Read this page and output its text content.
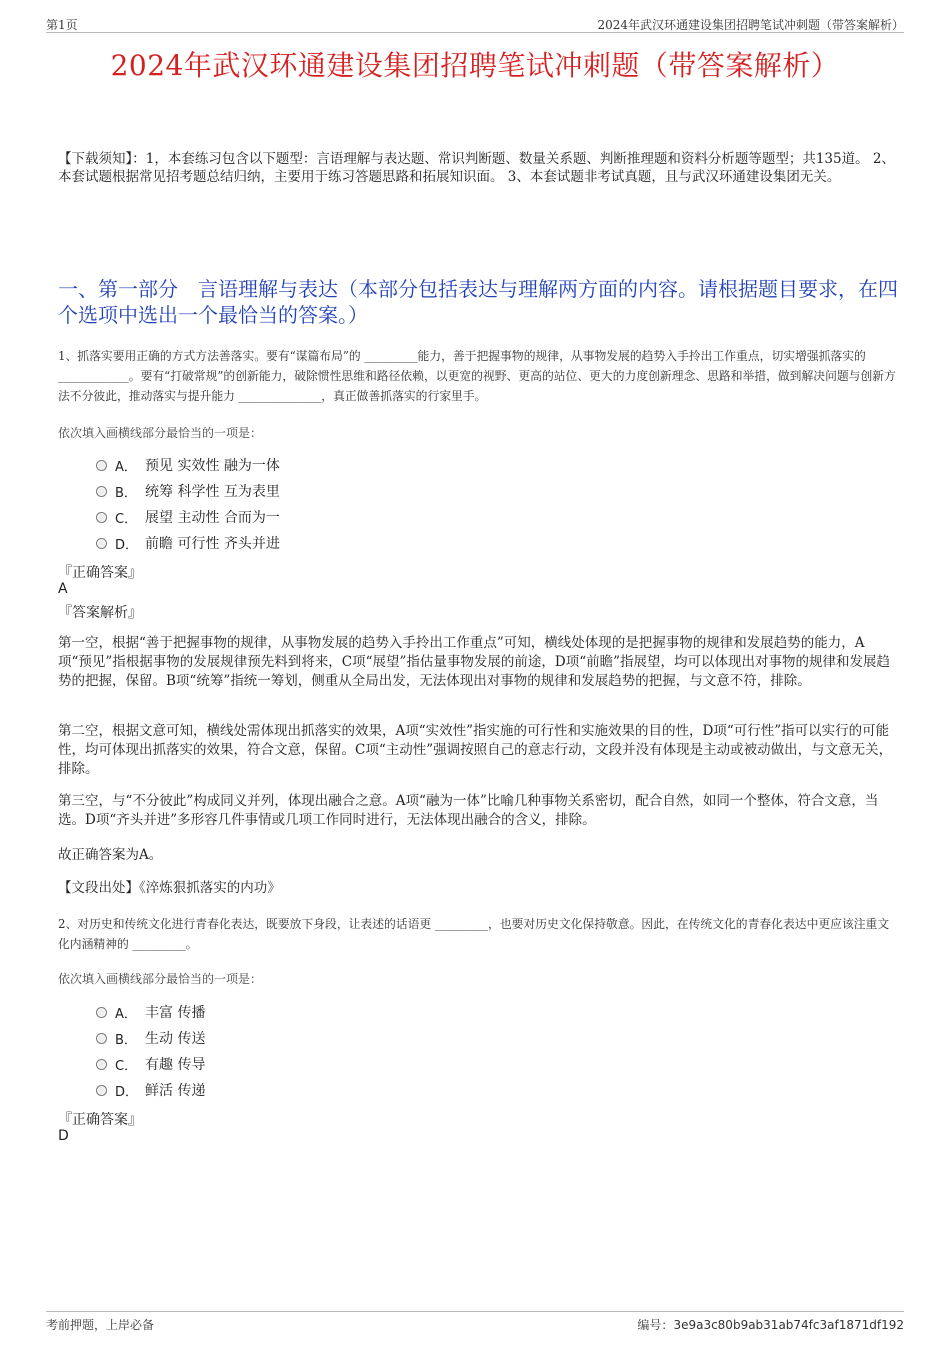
第1页	2024年武汉环通建设集团招聘笔试冲刺题（带答案解析）
2024年武汉环通建设集团招聘笔试冲刺题（带答案解析）
【下载须知】：1，本套练习包含以下题型：言语理解与表达题、常识判断题、数量关系题、判断推理题和资料分析题等题型；共135道。 2、本套试题根据常见招考题总结归纳，主要用于练习答题思路和拓展知识面。 3、本套试题非考试真题，且与武汉环通建设集团无关。
一、第一部分　言语理解与表达（本部分包括表达与理解两方面的内容。请根据题目要求，在四个选项中选出一个最恰当的答案。）
1、抓落实要用正确的方式方法善落实。要有“谋篇布局”的 _________能力，善于把握事物的规律，从事物发展的趋势入手拎出工作重点，切实增强抓落实的 ____________。要有“打破常规”的创新能力，破除惯性思维和路径依赖，以更宽的视野、更高的站位、更大的力度创新理念、思路和举措，做到解决问题与创新方法不分彼此，推动落实与提升能力 ______________，真正做善抓落实的行家里手。
依次填入画横线部分最恰当的一项是：
A． 预见 实效性 融为一体
B． 统筹 科学性 互为表里
C． 展望 主动性 合而为一
D． 前瞻 可行性 齐头并进
『正确答案』
A
『答案解析』
第一空，根据“善于把握事物的规律，从事物发展的趋势入手拎出工作重点”可知，横线处体现的是把握事物的规律和发展趋势的能力，A项“预见”指根据事物的发展规律预先料到将来，C项“展望”指估量事物发展的前途，D项“前瞻”指展望，均可以体现出对事物的规律和发展趋势的把握，保留。B项“统筹”指统一筹划，侧重从全局出发，无法体现出对事物的规律和发展趋势的把握，与文意不符，排除。
第二空，根据文意可知，横线处需体现出抓落实的效果，A项“实效性”指实施的可行性和实施效果的目的性，D项“可行性”指可以实行的可能性，均可体现出抓落实的效果，符合文意，保留。C项“主动性”强调按照自己的意志行动，文段并没有体现是主动或被动做出，与文意无关，排除。
第三空，与“不分彼此”构成同义并列，体现出融合之意。A项“融为一体”比喻几种事物关系密切，配合自然，如同一个整体，符合文意，当选。D项“齐头并进”多形容几件事情或几项工作同时进行，无法体现出融合的含义，排除。
故正确答案为A。
【文段出处】《淬炼狠抓落实的内功》
2、对历史和传统文化进行青春化表达，既要放下身段，让表述的话语更 _________，也要对历史文化保持敬意。因此，在传统文化的青春化表达中更应该注重文化内涵精神的 _________。
依次填入画横线部分最恰当的一项是：
A． 丰富 传播
B． 生动 传送
C． 有趣 传导
D． 鲜活 传递
『正确答案』
D
考前押题，上岸必备	编号：3e9a3c80b9ab31ab74fc3af1871df192
